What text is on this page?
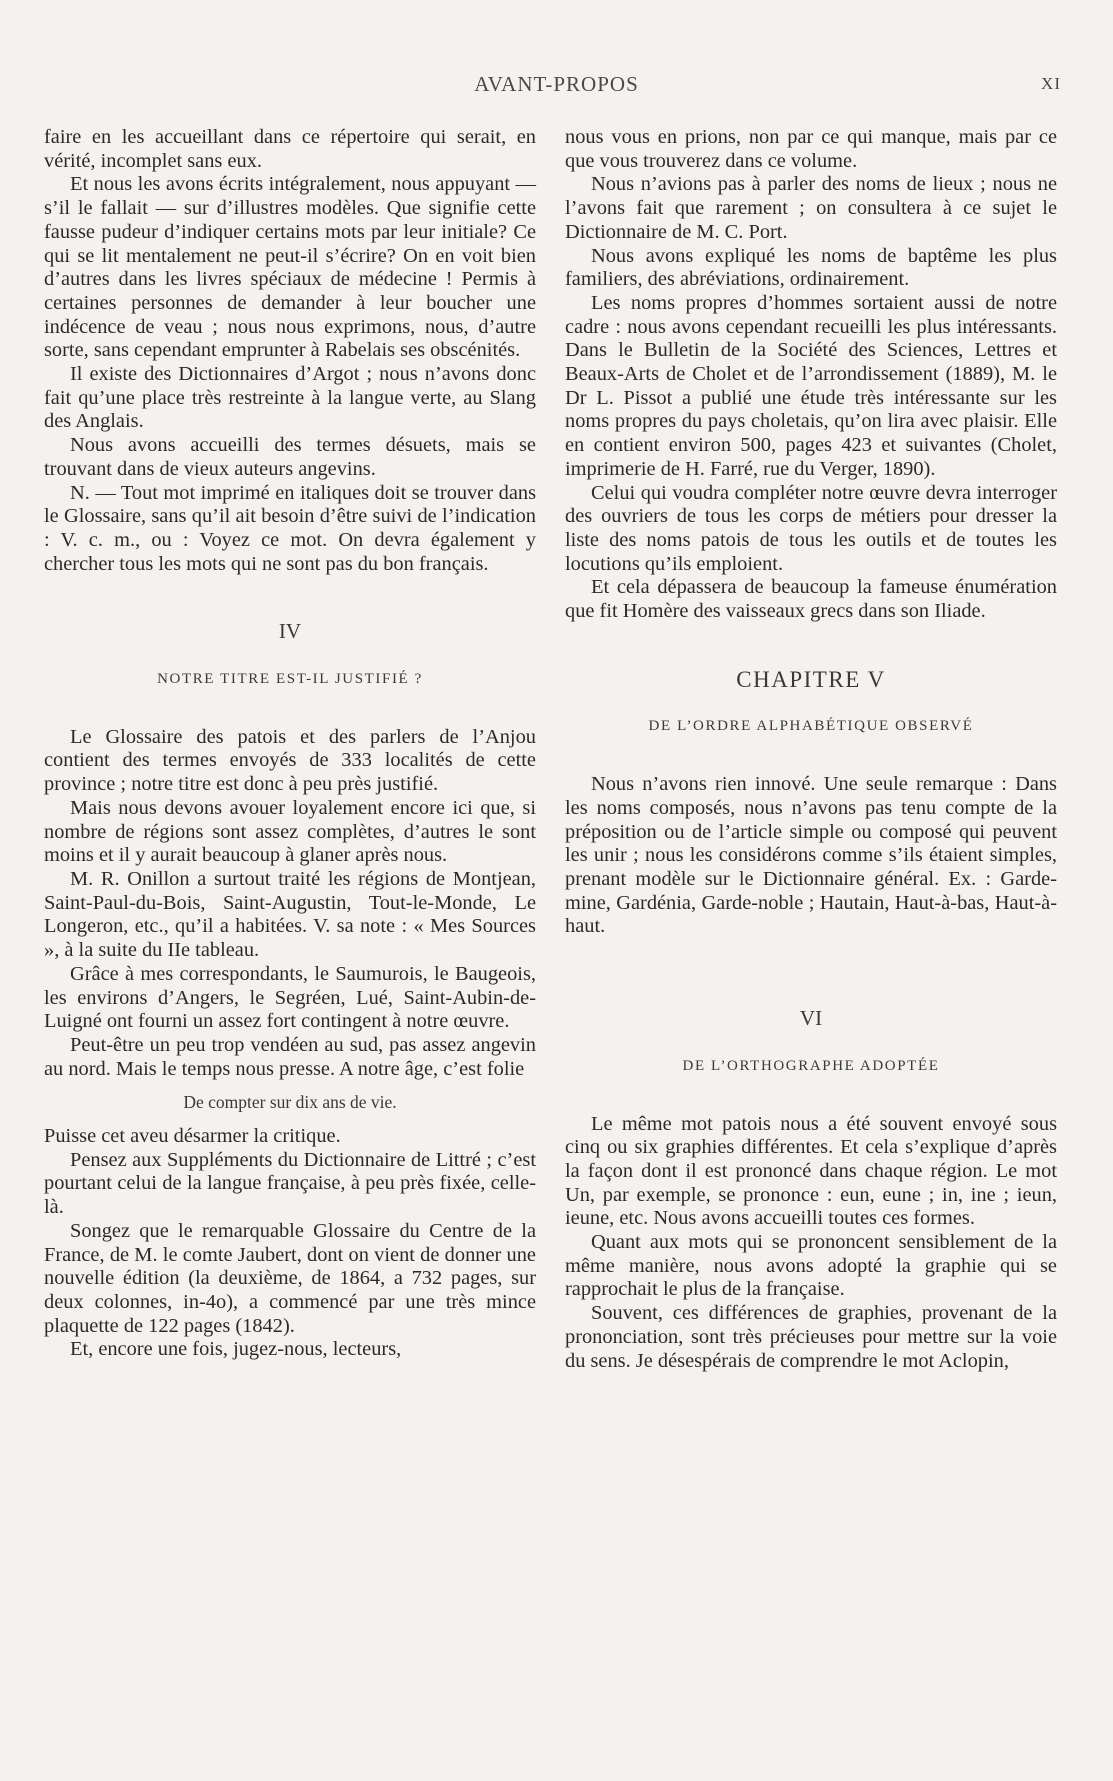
AVANT-PROPOS	XI

faire en les accueillant dans ce répertoire qui serait, en vérité, incomplet sans eux.

Et nous les avons écrits intégralement, nous appuyant — s’il le fallait — sur d’illustres modèles. Que signifie cette fausse pudeur d’indiquer certains mots par leur initiale? Ce qui se lit mentalement ne peut-il s’écrire? On en voit bien d’autres dans les livres spéciaux de médecine ! Permis à certaines personnes de demander à leur boucher une indécence de veau ; nous nous exprimons, nous, d’autre sorte, sans cependant emprunter à Rabelais ses obscénités.

Il existe des Dictionnaires d’Argot ; nous n’avons donc fait qu’une place très restreinte à la langue verte, au Slang des Anglais.

Nous avons accueilli des termes désuets, mais se trouvant dans de vieux auteurs angevins.

N. — Tout mot imprimé en italiques doit se trouver dans le Glossaire, sans qu’il ait besoin d’être suivi de l’indication : V. c. m., ou : Voyez ce mot. On devra également y chercher tous les mots qui ne sont pas du bon français.

IV
NOTRE TITRE EST-IL JUSTIFIÉ ?

Le Glossaire des patois et des parlers de l’Anjou contient des termes envoyés de 333 localités de cette province ; notre titre est donc à peu près justifié.

Mais nous devons avouer loyalement encore ici que, si nombre de régions sont assez complètes, d’autres le sont moins et il y aurait beaucoup à glaner après nous.

M. R. Onillon a surtout traité les régions de Montjean, Saint-Paul-du-Bois, Saint-Augustin, Tout-le-Monde, Le Longeron, etc., qu’il a habitées. V. sa note : « Mes Sources », à la suite du IIe tableau.

Grâce à mes correspondants, le Saumurois, le Baugeois, les environs d’Angers, le Segréen, Lué, Saint-Aubin-de-Luigné ont fourni un assez fort contingent à notre œuvre.

Peut-être un peu trop vendéen au sud, pas assez angevin au nord. Mais le temps nous presse. A notre âge, c’est folie

De compter sur dix ans de vie.

Puisse cet aveu désarmer la critique.

Pensez aux Suppléments du Dictionnaire de Littré ; c’est pourtant celui de la langue française, à peu près fixée, celle-là.

Songez que le remarquable Glossaire du Centre de la France, de M. le comte Jaubert, dont on vient de donner une nouvelle édition (la deuxième, de 1864, a 732 pages, sur deux colonnes, in-4o), a commencé par une très mince plaquette de 122 pages (1842).

Et, encore une fois, jugez-nous, lecteurs,

nous vous en prions, non par ce qui manque, mais par ce que vous trouverez dans ce volume.

Nous n’avions pas à parler des noms de lieux ; nous ne l’avons fait que rarement ; on consultera à ce sujet le Dictionnaire de M. C. Port.

Nous avons expliqué les noms de baptême les plus familiers, des abréviations, ordinairement.

Les noms propres d’hommes sortaient aussi de notre cadre : nous avons cependant recueilli les plus intéressants. Dans le Bulletin de la Société des Sciences, Lettres et Beaux-Arts de Cholet et de l’arrondissement (1889), M. le Dr L. Pissot a publié une étude très intéressante sur les noms propres du pays choletais, qu’on lira avec plaisir. Elle en contient environ 500, pages 423 et suivantes (Cholet, imprimerie de H. Farré, rue du Verger, 1890).

Celui qui voudra compléter notre œuvre devra interroger des ouvriers de tous les corps de métiers pour dresser la liste des noms patois de tous les outils et de toutes les locutions qu’ils emploient.

Et cela dépassera de beaucoup la fameuse énumération que fit Homère des vaisseaux grecs dans son Iliade.

CHAPITRE V
DE L’ORDRE ALPHABÉTIQUE OBSERVÉ

Nous n’avons rien innové. Une seule remarque : Dans les noms composés, nous n’avons pas tenu compte de la préposition ou de l’article simple ou composé qui peuvent les unir ; nous les considérons comme s’ils étaient simples, prenant modèle sur le Dictionnaire général. Ex. : Garde-mine, Gardénia, Garde-noble ; Hautain, Haut-à-bas, Haut-à-haut.

VI
DE L’ORTHOGRAPHE ADOPTÉE

Le même mot patois nous a été souvent envoyé sous cinq ou six graphies différentes. Et cela s’explique d’après la façon dont il est prononcé dans chaque région. Le mot Un, par exemple, se prononce : eun, eune ; in, ine ; ieun, ieune, etc. Nous avons accueilli toutes ces formes.

Quant aux mots qui se prononcent sensiblement de la même manière, nous avons adopté la graphie qui se rapprochait le plus de la française.

Souvent, ces différences de graphies, provenant de la prononciation, sont très précieuses pour mettre sur la voie du sens. Je désespérais de comprendre le mot Aclopin,
